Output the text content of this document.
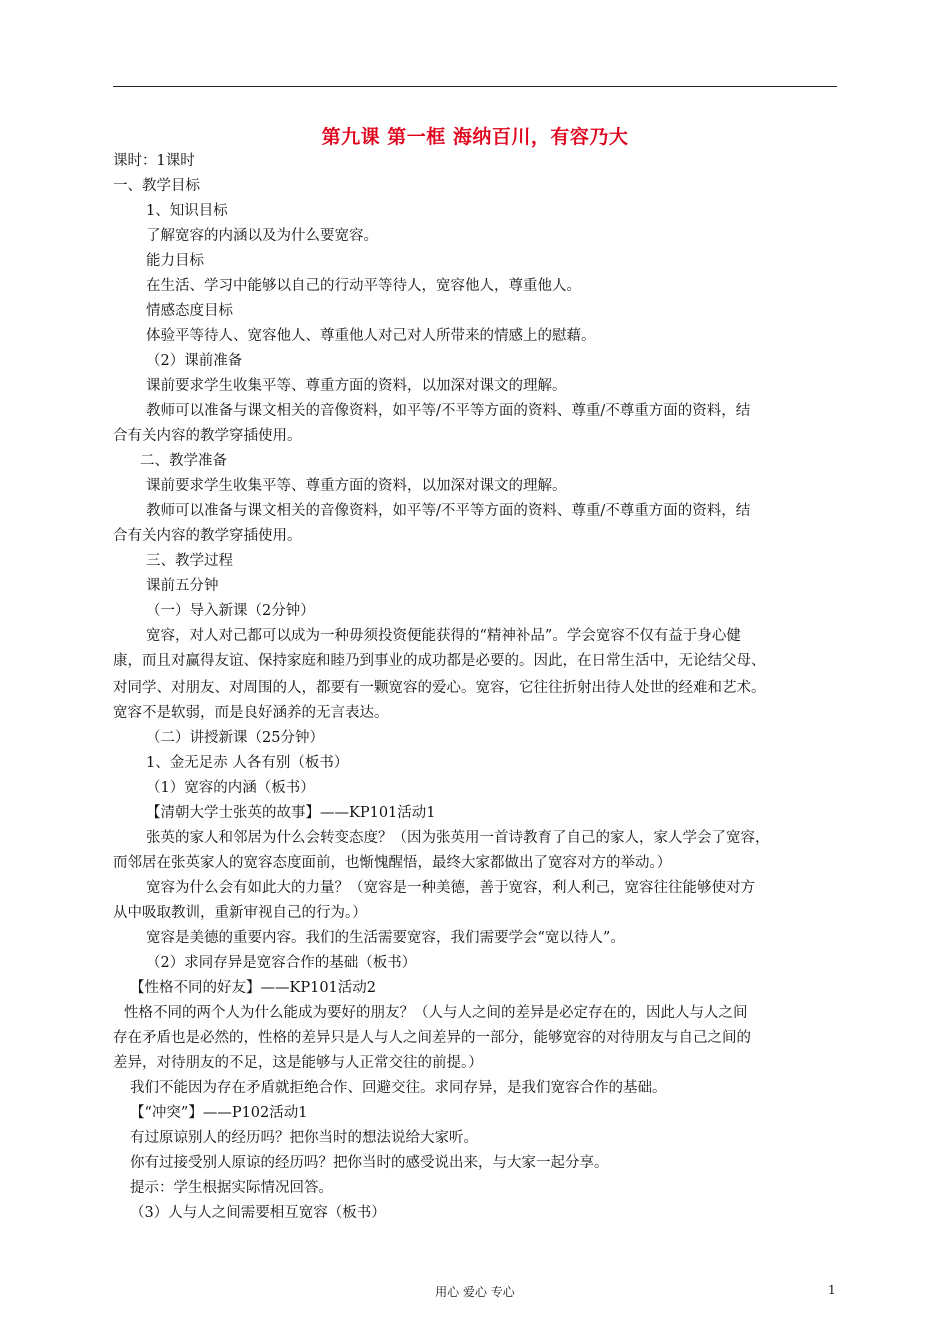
第九课 第一框 海纳百川，有容乃大
课时：1课时
一、教学目标
1、知识目标
了解宽容的内涵以及为什么要宽容。
能力目标
在生活、学习中能够以自己的行动平等待人，宽容他人，尊重他人。
情感态度目标
体验平等待人、宽容他人、尊重他人对己对人所带来的情感上的慰藉。
（2）课前准备
课前要求学生收集平等、尊重方面的资料，以加深对课文的理解。
教师可以准备与课文相关的音像资料，如平等/不平等方面的资料、尊重/不尊重方面的资料，结
合有关内容的教学穿插使用。
二、教学准备
课前要求学生收集平等、尊重方面的资料，以加深对课文的理解。
教师可以准备与课文相关的音像资料，如平等/不平等方面的资料、尊重/不尊重方面的资料，结
合有关内容的教学穿插使用。
三、教学过程
课前五分钟
（一）导入新课（2分钟）
宽容，对人对己都可以成为一种毋须投资便能获得的“精神补品”。学会宽容不仅有益于身心健
康，而且对赢得友谊、保持家庭和睦乃到事业的成功都是必要的。因此，在日常生活中，无论结父母、
对同学、对朋友、对周围的人，都要有一颗宽容的爱心。宽容，它往往折射出待人处世的经难和艺术。
宽容不是软弱，而是良好涵养的无言表达。
（二）讲授新课（25分钟）
1、金无足赤 人各有别（板书）
（1）宽容的内涵（板书）
【清朝大学士张英的故事】——KP101活动1
张英的家人和邻居为什么会转变态度？（因为张英用一首诗教育了自己的家人，家人学会了宽容，
而邻居在张英家人的宽容态度面前，也惭愧醒悟，最终大家都做出了宽容对方的举动。）
宽容为什么会有如此大的力量？（宽容是一种美德，善于宽容，利人利己，宽容往往能够使对方
从中吸取教训，重新审视自己的行为。）
宽容是美德的重要内容。我们的生活需要宽容，我们需要学会“宽以待人”。
（2）求同存异是宽容合作的基础（板书）
【性格不同的好友】——KP101活动2
性格不同的两个人为什么能成为要好的朋友？（人与人之间的差异是必定存在的，因此人与人之间
存在矛盾也是必然的，性格的差异只是人与人之间差异的一部分，能够宽容的对待朋友与自己之间的
差异，对待朋友的不足，这是能够与人正常交往的前提。）
我们不能因为存在矛盾就拒绝合作、回避交往。求同存异，是我们宽容合作的基础。
【“冲突”】——P102活动1
有过原谅别人的经历吗？把你当时的想法说给大家听。
你有过接受别人原谅的经历吗？把你当时的感受说出来，与大家一起分享。
提示：学生根据实际情况回答。
（3）人与人之间需要相互宽容（板书）
用心 爱心 专心	1
